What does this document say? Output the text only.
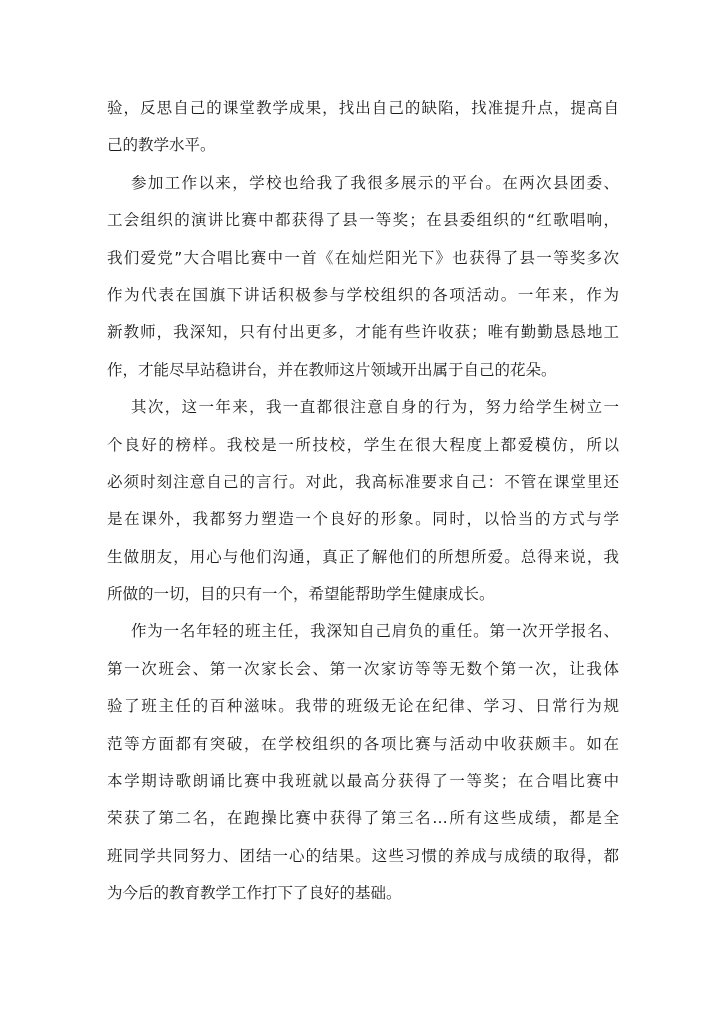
验，反思自己的课堂教学成果，找出自己的缺陷，找准提升点，提高自
己的教学水平。
参加工作以来，学校也给我了我很多展示的平台。在两次县团委、
工会组织的演讲比赛中都获得了县一等奖；在县委组织的“红歌唱响，
我们爱党”大合唱比赛中一首《在灿烂阳光下》也获得了县一等奖多次
作为代表在国旗下讲话积极参与学校组织的各项活动。一年来，作为
新教师，我深知，只有付出更多，才能有些许收获；唯有勤勤恳恳地工
作，才能尽早站稳讲台，并在教师这片领域开出属于自己的花朵。
其次，这一年来，我一直都很注意自身的行为，努力给学生树立一
个良好的榜样。我校是一所技校，学生在很大程度上都爱模仿，所以
必须时刻注意自己的言行。对此，我高标准要求自己：不管在课堂里还
是在课外，我都努力塑造一个良好的形象。同时，以恰当的方式与学
生做朋友，用心与他们沟通，真正了解他们的所想所爱。总得来说，我
所做的一切，目的只有一个，希望能帮助学生健康成长。
作为一名年轻的班主任，我深知自己肩负的重任。第一次开学报名、
第一次班会、第一次家长会、第一次家访等等无数个第一次，让我体
验了班主任的百种滋味。我带的班级无论在纪律、学习、日常行为规
范等方面都有突破，在学校组织的各项比赛与活动中收获颇丰。如在
本学期诗歌朗诵比赛中我班就以最高分获得了一等奖；在合唱比赛中
荣获了第二名，在跑操比赛中获得了第三名…所有这些成绩，都是全
班同学共同努力、团结一心的结果。这些习惯的养成与成绩的取得，都
为今后的教育教学工作打下了良好的基础。
